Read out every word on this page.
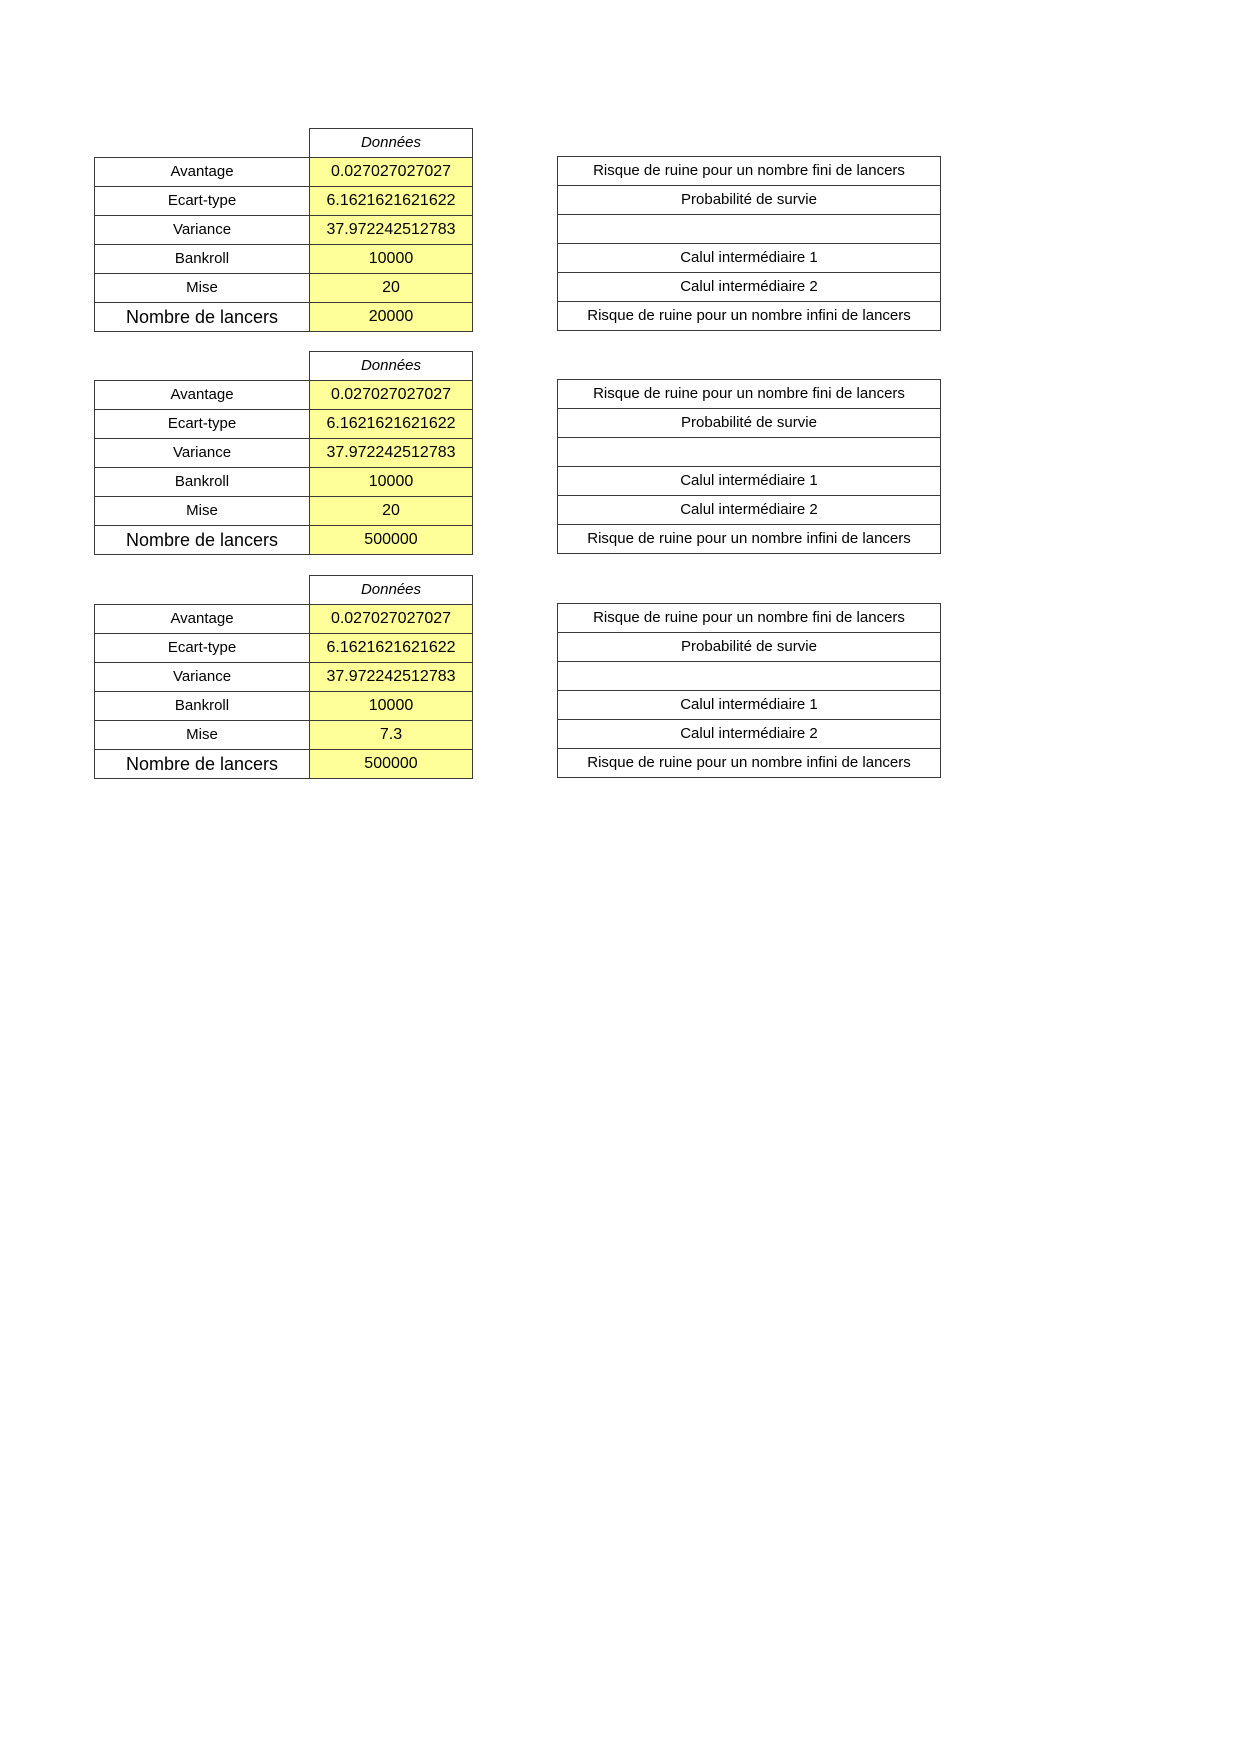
	Données
Avantage	0.027027027027
Ecart-type	6.1621621621622
Variance	37.972242512783
Bankroll	10000
Mise	20
Nombre de lancers	20000
Risque de ruine pour un nombre fini de lancers
Probabilité de survie

Calul intermédiaire 1
Calul intermédiaire 2
Risque de ruine pour un nombre infini de lancers
	Données
Avantage	0.027027027027
Ecart-type	6.1621621621622
Variance	37.972242512783
Bankroll	10000
Mise	20
Nombre de lancers	500000
Risque de ruine pour un nombre fini de lancers
Probabilité de survie

Calul intermédiaire 1
Calul intermédiaire 2
Risque de ruine pour un nombre infini de lancers
	Données
Avantage	0.027027027027
Ecart-type	6.1621621621622
Variance	37.972242512783
Bankroll	10000
Mise	7.3
Nombre de lancers	500000
Risque de ruine pour un nombre fini de lancers
Probabilité de survie

Calul intermédiaire 1
Calul intermédiaire 2
Risque de ruine pour un nombre infini de lancers
